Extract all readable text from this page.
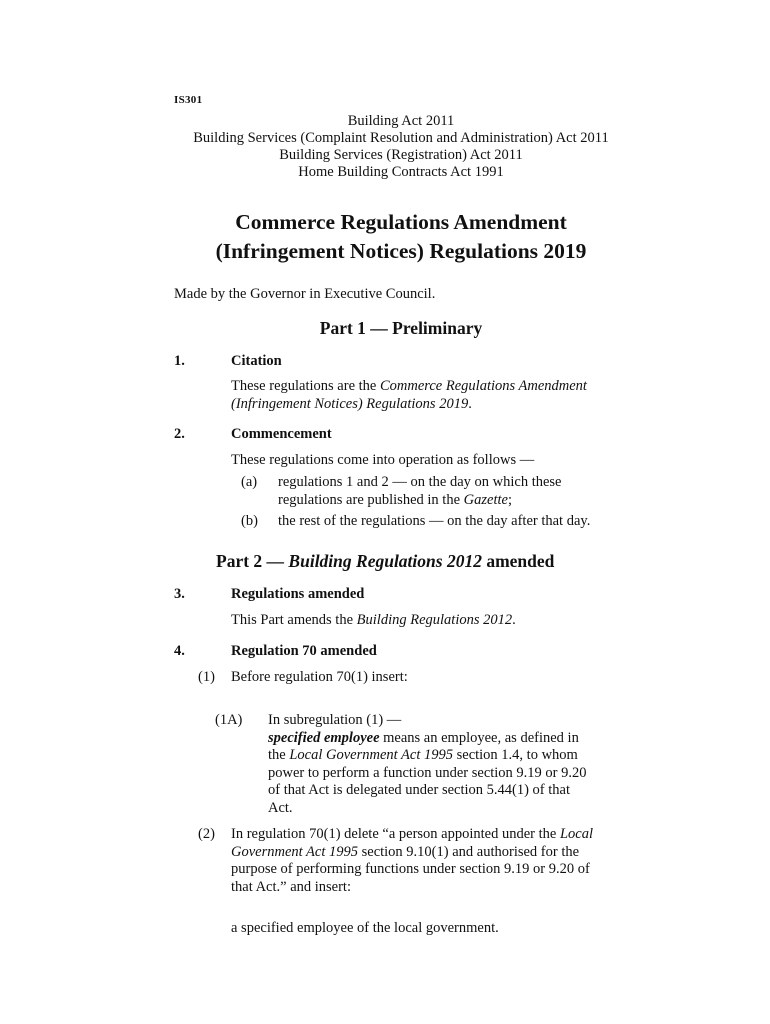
IS301
Building Act 2011
Building Services (Complaint Resolution and Administration) Act 2011
Building Services (Registration) Act 2011
Home Building Contracts Act 1991
Commerce Regulations Amendment
(Infringement Notices) Regulations 2019
Made by the Governor in Executive Council.
Part 1 — Preliminary
1.	Citation
These regulations are the Commerce Regulations Amendment
(Infringement Notices) Regulations 2019.
2.	Commencement
These regulations come into operation as follows —
(a) regulations 1 and 2 — on the day on which these
regulations are published in the Gazette;
(b) the rest of the regulations — on the day after that day.
Part 2 — Building Regulations 2012 amended
3.	Regulations amended
This Part amends the Building Regulations 2012.
4.	Regulation 70 amended
(1) Before regulation 70(1) insert:
(1A) In subregulation (1) —
specified employee means an employee, as defined in
the Local Government Act 1995 section 1.4, to whom
power to perform a function under section 9.19 or 9.20
of that Act is delegated under section 5.44(1) of that
Act.
(2) In regulation 70(1) delete “a person appointed under the Local
Government Act 1995 section 9.10(1) and authorised for the
purpose of performing functions under section 9.19 or 9.20 of
that Act.” and insert:
a specified employee of the local government.
